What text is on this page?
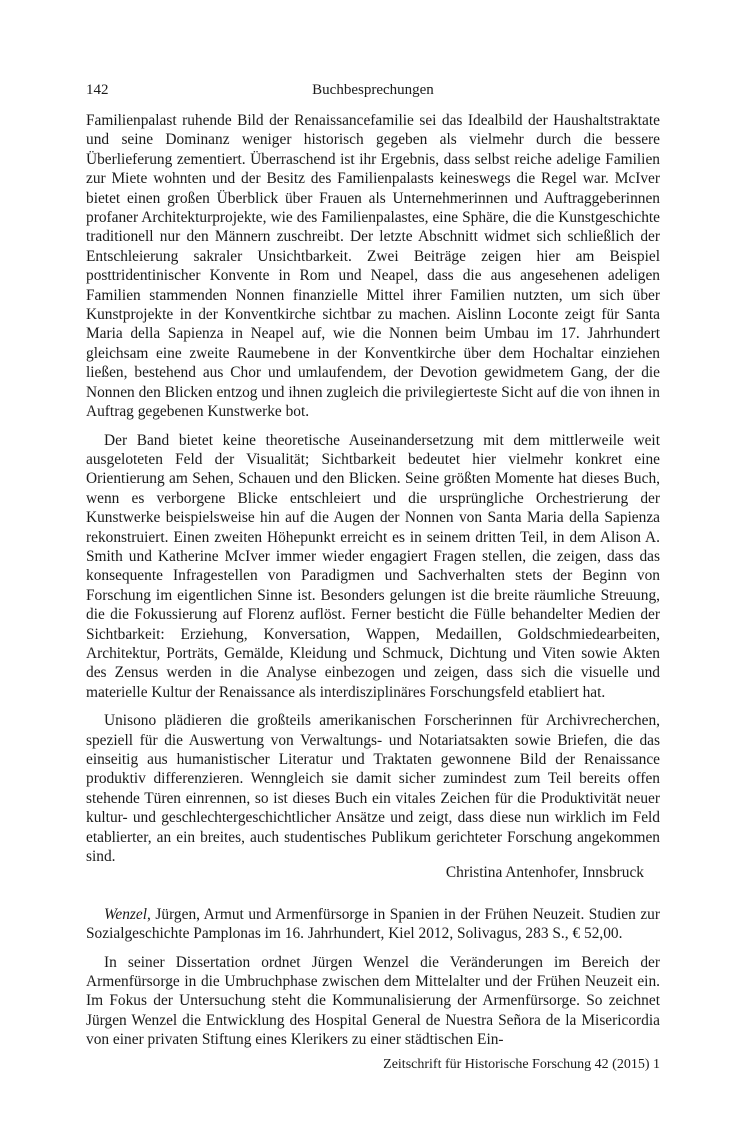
142	Buchbesprechungen

Familienpalast ruhende Bild der Renaissancefamilie sei das Idealbild der Haushaltstraktate und seine Dominanz weniger historisch gegeben als vielmehr durch die bessere Überlieferung zementiert. Überraschend ist ihr Ergebnis, dass selbst reiche adelige Familien zur Miete wohnten und der Besitz des Familienpalasts keineswegs die Regel war. McIver bietet einen großen Überblick über Frauen als Unternehmerinnen und Auftraggeberinnen profaner Architekturprojekte, wie des Familienpalastes, eine Sphäre, die die Kunstgeschichte traditionell nur den Männern zuschreibt. Der letzte Abschnitt widmet sich schließlich der Entschleierung sakraler Unsichtbarkeit. Zwei Beiträge zeigen hier am Beispiel posttridentinischer Konvente in Rom und Neapel, dass die aus angesehenen adeligen Familien stammenden Nonnen finanzielle Mittel ihrer Familien nutzten, um sich über Kunstprojekte in der Konventkirche sichtbar zu machen. Aislinn Loconte zeigt für Santa Maria della Sapienza in Neapel auf, wie die Nonnen beim Umbau im 17. Jahrhundert gleichsam eine zweite Raumebene in der Konventkirche über dem Hochaltar einziehen ließen, bestehend aus Chor und umlaufendem, der Devotion gewidmetem Gang, der die Nonnen den Blicken entzog und ihnen zugleich die privilegierteste Sicht auf die von ihnen in Auftrag gegebenen Kunstwerke bot.

Der Band bietet keine theoretische Auseinandersetzung mit dem mittlerweile weit ausgeloteten Feld der Visualität; Sichtbarkeit bedeutet hier vielmehr konkret eine Orientierung am Sehen, Schauen und den Blicken. Seine größten Momente hat dieses Buch, wenn es verborgene Blicke entschleiert und die ursprüngliche Orchestrierung der Kunstwerke beispielsweise hin auf die Augen der Nonnen von Santa Maria della Sapienza rekonstruiert. Einen zweiten Höhepunkt erreicht es in seinem dritten Teil, in dem Alison A. Smith und Katherine McIver immer wieder engagiert Fragen stellen, die zeigen, dass das konsequente Infragestellen von Paradigmen und Sachverhalten stets der Beginn von Forschung im eigentlichen Sinne ist. Besonders gelungen ist die breite räumliche Streuung, die die Fokussierung auf Florenz auflöst. Ferner besticht die Fülle behandelter Medien der Sichtbarkeit: Erziehung, Konversation, Wappen, Medaillen, Goldschmiedearbeiten, Architektur, Porträts, Gemälde, Kleidung und Schmuck, Dichtung und Viten sowie Akten des Zensus werden in die Analyse einbezogen und zeigen, dass sich die visuelle und materielle Kultur der Renaissance als interdisziplinäres Forschungsfeld etabliert hat.

Unisono plädieren die großteils amerikanischen Forscherinnen für Archivrecherchen, speziell für die Auswertung von Verwaltungs- und Notariatsakten sowie Briefen, die das einseitig aus humanistischer Literatur und Traktaten gewonnene Bild der Renaissance produktiv differenzieren. Wenngleich sie damit sicher zumindest zum Teil bereits offen stehende Türen einrennen, so ist dieses Buch ein vitales Zeichen für die Produktivität neuer kultur- und geschlechtergeschichtlicher Ansätze und zeigt, dass diese nun wirklich im Feld etablierter, an ein breites, auch studentisches Publikum gerichteter Forschung angekommen sind.

Christina Antenhofer, Innsbruck

Wenzel, Jürgen, Armut und Armenfürsorge in Spanien in der Frühen Neuzeit. Studien zur Sozialgeschichte Pamplonas im 16. Jahrhundert, Kiel 2012, Solivagus, 283 S., € 52,00.

In seiner Dissertation ordnet Jürgen Wenzel die Veränderungen im Bereich der Armenfürsorge in die Umbruchphase zwischen dem Mittelalter und der Frühen Neuzeit ein. Im Fokus der Untersuchung steht die Kommunalisierung der Armenfürsorge. So zeichnet Jürgen Wenzel die Entwicklung des Hospital General de Nuestra Señora de la Misericordia von einer privaten Stiftung eines Klerikers zu einer städtischen Ein-

Zeitschrift für Historische Forschung 42 (2015) 1
